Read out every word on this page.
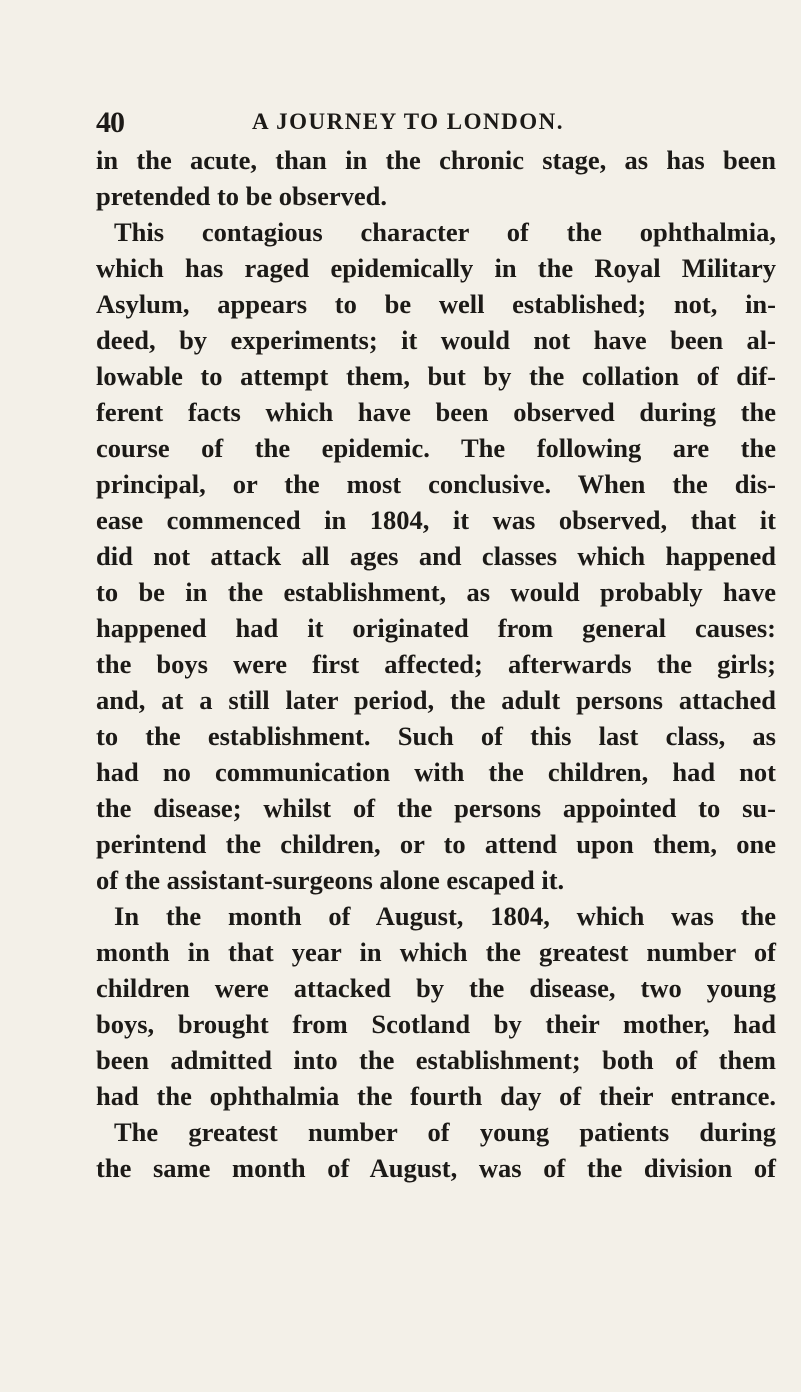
40	A JOURNEY TO LONDON.
in the acute, than in the chronic stage, as has been
pretended to be observed.
This contagious character of the ophthalmia,
which has raged epidemically in the Royal Military
Asylum, appears to be well established; not, in-
deed, by experiments; it would not have been al-
lowable to attempt them, but by the collation of dif-
ferent facts which have been observed during the
course of the epidemic. The following are the
principal, or the most conclusive. When the dis-
ease commenced in 1804, it was observed, that it
did not attack all ages and classes which happened
to be in the establishment, as would probably have
happened had it originated from general causes:
the boys were first affected; afterwards the girls;
and, at a still later period, the adult persons attached
to the establishment. Such of this last class, as
had no communication with the children, had not
the disease; whilst of the persons appointed to su-
perintend the children, or to attend upon them, one
of the assistant-surgeons alone escaped it.
In the month of August, 1804, which was the
month in that year in which the greatest number of
children were attacked by the disease, two young
boys, brought from Scotland by their mother, had
been admitted into the establishment; both of them
had the ophthalmia the fourth day of their entrance.
The greatest number of young patients during
the same month of August, was of the division of
